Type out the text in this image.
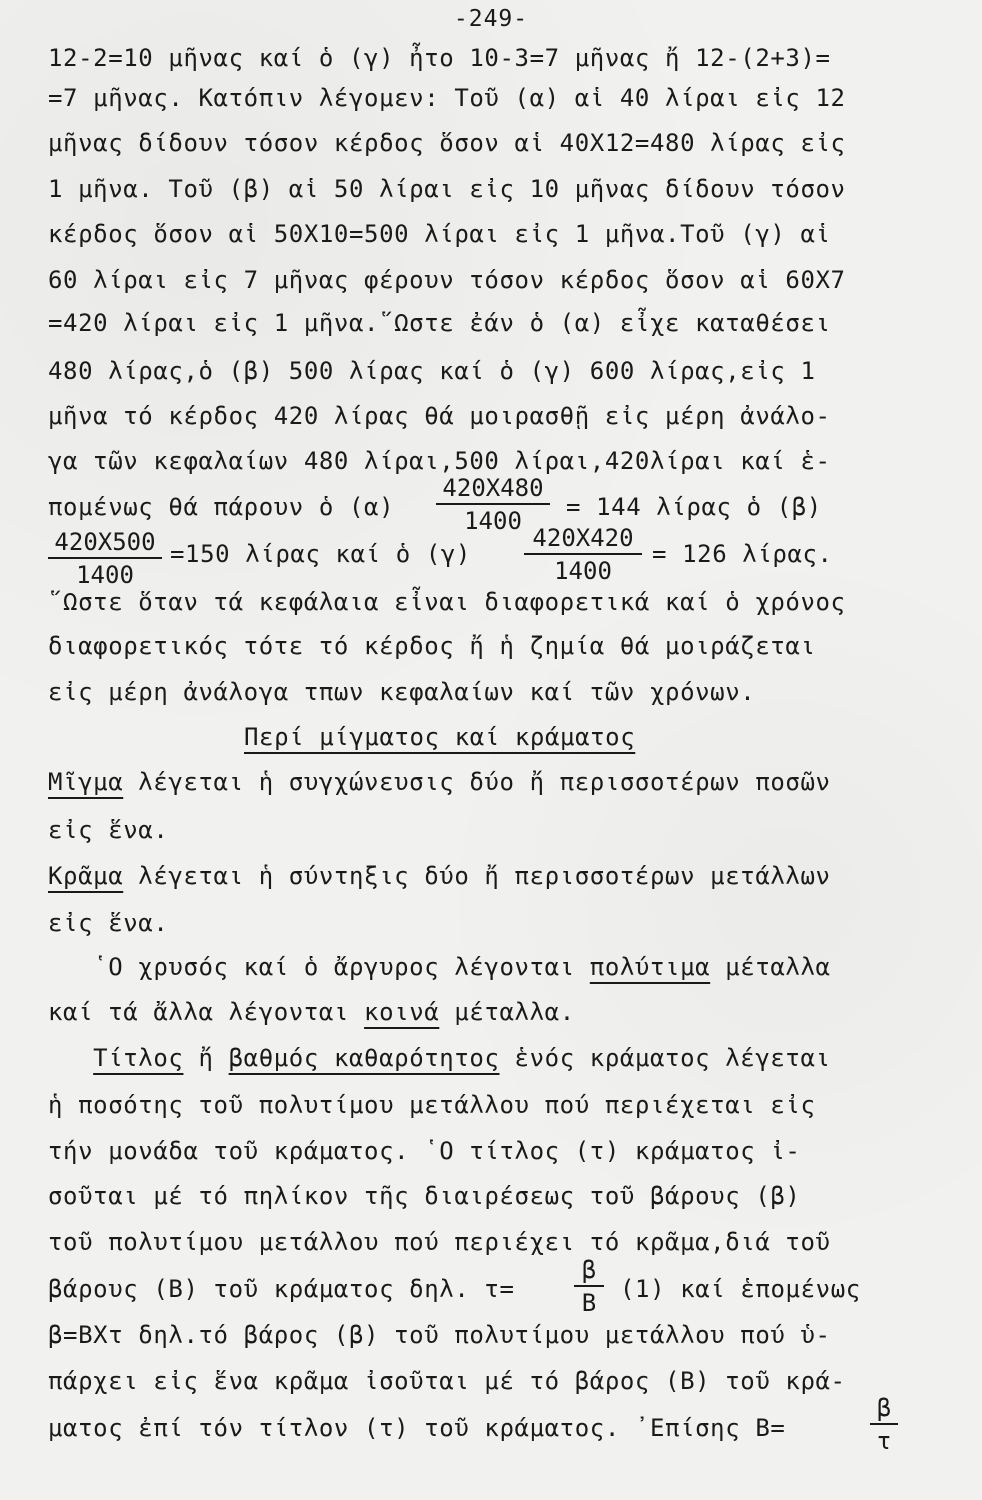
-249-
12-2=10 μῆνας καί ὁ (γ) ἦτο 10-3=7 μῆνας ἤ 12-(2+3)=
=7 μῆνας. Κατόπιν λέγομεν: Τοῦ (α) αἱ 40 λίραι εἰς 12
μῆνας δίδουν τόσον κέρδος ὅσον αἱ 40Χ12=480 λίρας εἰς
1 μῆνα. Τοῦ (β) αἱ 50 λίραι εἰς 10 μῆνας δίδουν τόσον
κέρδος ὅσον αἱ 50Χ10=500 λίραι εἰς 1 μῆνα.Τοῦ (γ) αἱ
60 λίραι εἰς 7 μῆνας φέρουν τόσον κέρδος ὅσον αἱ 60Χ7
=420 λίραι εἰς 1 μῆνα.῞Ωστε ἐάν ὁ (α) εἶχε καταθέσει
480 λίρας,ὁ (β) 500 λίρας καί ὁ (γ) 600 λίρας,εἰς 1
μῆνα τό κέρδος 420 λίρας θά μοιρασθῇ εἰς μέρη ἀνάλο-
γα τῶν κεφαλαίων 480 λίραι,500 λίραι,420λίραι καί ἑ-
πομένως θά πάρουν ὁ (α)
420Χ480
1400	= 144 λίρας ὁ (β)
420Χ500
1400
=150 λίρας καί ὁ (γ)
420Χ420
1400
= 126 λίρας.
῞Ωστε ὅταν τά κεφάλαια εἶναι διαφορετικά καί ὁ χρόνος
διαφορετικός τότε τό κέρδος ἤ ἡ ζημία θά μοιράζεται
εἰς μέρη ἀνάλογα τπων κεφαλαίων καί τῶν χρόνων.
Περί μίγματος καί κράματος
Μῖγμα λέγεται ἡ συγχώνευσις δύο ἤ περισσοτέρων ποσῶν
εἰς ἕνα.
Κρᾶμα λέγεται ἡ σύντηξις δύο ἤ περισσοτέρων μετάλλων
εἰς ἕνα.
῾Ο χρυσός καί ὁ ἄργυρος λέγονται πολύτιμα μέταλλα
καί τά ἄλλα λέγονται κοινά μέταλλα.
Τίτλος ἤ βαθμός καθαρότητος ἑνός κράματος λέγεται
ἡ ποσότης τοῦ πολυτίμου μετάλλου πού περιέχεται εἰς
τήν μονάδα τοῦ κράματος. ῾Ο τίτλος (τ) κράματος ἰ-
σοῦται μέ τό πηλίκον τῆς διαιρέσεως τοῦ βάρους (β)
τοῦ πολυτίμου μετάλλου πού περιέχει τό κρᾶμα,διά τοῦ
βάρους (Β) τοῦ κράματος δηλ. τ=
β
Β (1) καί ἑπομένως
β=ΒΧτ δηλ.τό βάρος (β) τοῦ πολυτίμου μετάλλου πού ὑ-
πάρχει εἰς ἕνα κρᾶμα ἰσοῦται μέ τό βάρος (Β) τοῦ κρά-
ματος ἐπί τόν τίτλον (τ) τοῦ κράματος. ᾿Επίσης Β=
β
τ
